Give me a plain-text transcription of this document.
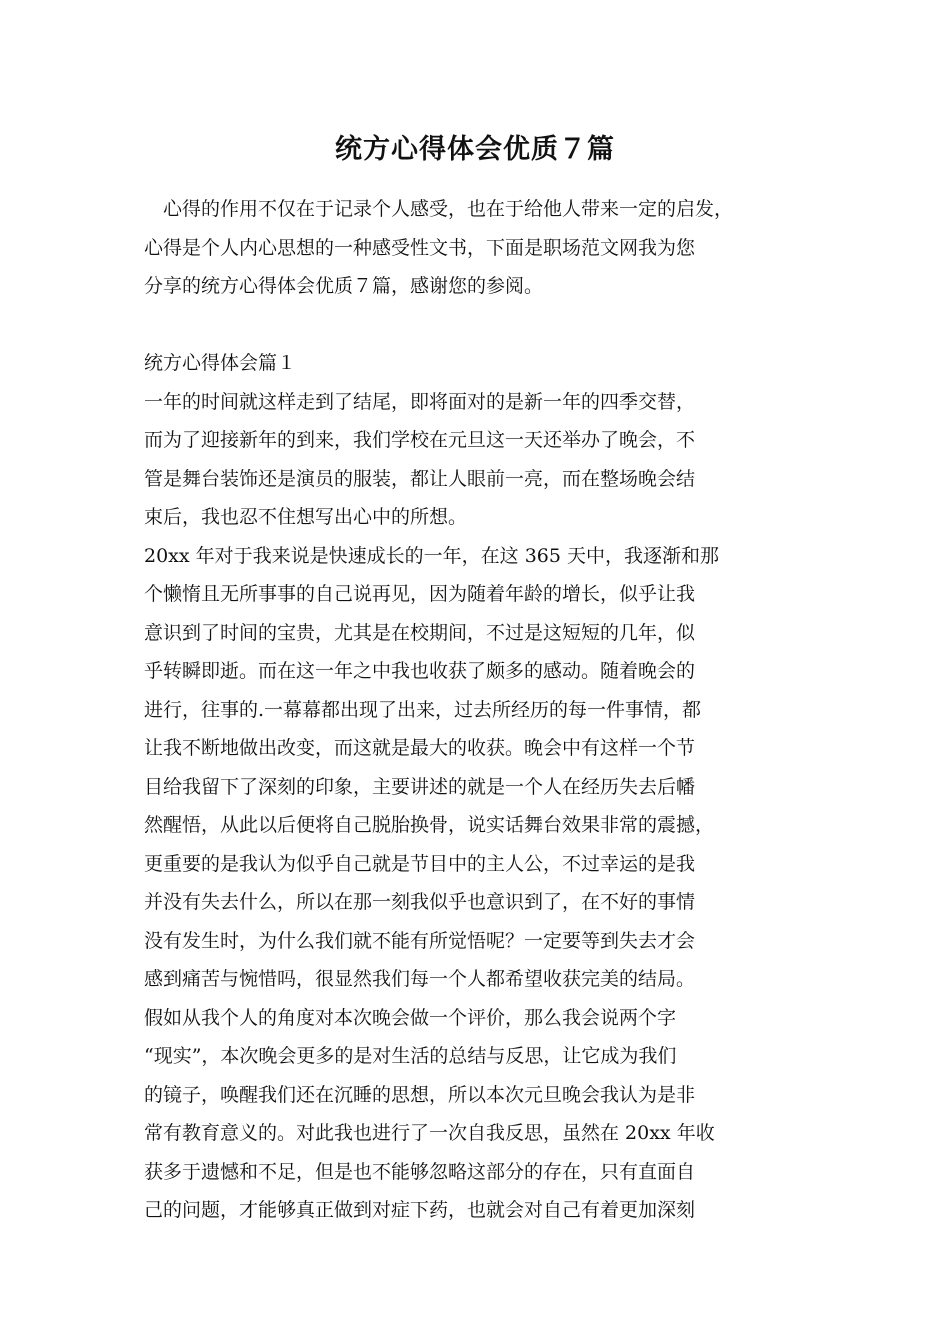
统方心得体会优质７篇
　心得的作用不仅在于记录个人感受，也在于给他人带来一定的启发，
心得是个人内心思想的一种感受性文书，下面是职场范文网我为您
分享的统方心得体会优质７篇，感谢您的参阅。
统方心得体会篇１
一年的时间就这样走到了结尾，即将面对的是新一年的四季交替，
而为了迎接新年的到来，我们学校在元旦这一天还举办了晚会，不
管是舞台装饰还是演员的服装，都让人眼前一亮，而在整场晚会结
束后，我也忍不住想写出心中的所想。
20xx 年对于我来说是快速成长的一年，在这 365 天中，我逐渐和那
个懒惰且无所事事的自己说再见，因为随着年龄的增长，似乎让我
意识到了时间的宝贵，尤其是在校期间，不过是这短短的几年，似
乎转瞬即逝。而在这一年之中我也收获了颇多的感动。随着晚会的
进行，往事的.一幕幕都出现了出来，过去所经历的每一件事情，都
让我不断地做出改变，而这就是最大的收获。晚会中有这样一个节
目给我留下了深刻的印象，主要讲述的就是一个人在经历失去后幡
然醒悟，从此以后便将自己脱胎换骨，说实话舞台效果非常的震撼，
更重要的是我认为似乎自己就是节目中的主人公，不过幸运的是我
并没有失去什么，所以在那一刻我似乎也意识到了，在不好的事情
没有发生时，为什么我们就不能有所觉悟呢？一定要等到失去才会
感到痛苦与惋惜吗，很显然我们每一个人都希望收获完美的结局。
假如从我个人的角度对本次晚会做一个评价，那么我会说两个字
“现实”，本次晚会更多的是对生活的总结与反思，让它成为我们
的镜子，唤醒我们还在沉睡的思想，所以本次元旦晚会我认为是非
常有教育意义的。对此我也进行了一次自我反思，虽然在 20xx 年收
获多于遗憾和不足，但是也不能够忽略这部分的存在，只有直面自
己的问题，才能够真正做到对症下药，也就会对自己有着更加深刻
